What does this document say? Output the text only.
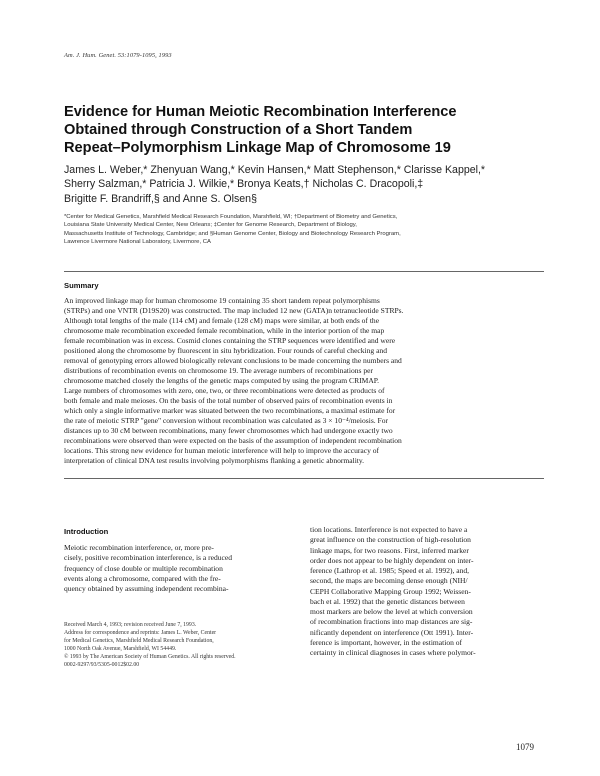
Am. J. Hum. Genet. 53:1079-1095, 1993
Evidence for Human Meiotic Recombination Interference
Obtained through Construction of a Short Tandem
Repeat–Polymorphism Linkage Map of Chromosome 19
James L. Weber,* Zhenyuan Wang,* Kevin Hansen,* Matt Stephenson,* Clarisse Kappel,*
Sherry Salzman,* Patricia J. Wilkie,* Bronya Keats,† Nicholas C. Dracopoli,‡
Brigitte F. Brandriff,§ and Anne S. Olsen§
*Center for Medical Genetics, Marshfield Medical Research Foundation, Marshfield, WI; †Department of Biometry and Genetics,
Louisiana State University Medical Center, New Orleans; ‡Center for Genome Research, Department of Biology,
Massachusetts Institute of Technology, Cambridge; and §Human Genome Center, Biology and Biotechnology Research Program,
Lawrence Livermore National Laboratory, Livermore, CA
Summary
An improved linkage map for human chromosome 19 containing 35 short tandem repeat polymorphisms
(STRPs) and one VNTR (D19S20) was constructed. The map included 12 new (GATA)n tetranucleotide STRPs.
Although total lengths of the male (114 cM) and female (128 cM) maps were similar, at both ends of the
chromosome male recombination exceeded female recombination, while in the interior portion of the map
female recombination was in excess. Cosmid clones containing the STRP sequences were identified and were
positioned along the chromosome by fluorescent in situ hybridization. Four rounds of careful checking and
removal of genotyping errors allowed biologically relevant conclusions to be made concerning the numbers and
distributions of recombination events on chromosome 19. The average numbers of recombinations per
chromosome matched closely the lengths of the genetic maps computed by using the program CRIMAP.
Large numbers of chromosomes with zero, one, two, or three recombinations were detected as products of
both female and male meioses. On the basis of the total number of observed pairs of recombination events in
which only a single informative marker was situated between the two recombinations, a maximal estimate for
the rate of meiotic STRP "gene" conversion without recombination was calculated as 3 × 10⁻⁴/meiosis. For
distances up to 30 cM between recombinations, many fewer chromosomes which had undergone exactly two
recombinations were observed than were expected on the basis of the assumption of independent recombination
locations. This strong new evidence for human meiotic interference will help to improve the accuracy of
interpretation of clinical DNA test results involving polymorphisms flanking a genetic abnormality.
Introduction
Meiotic recombination interference, or, more pre-
cisely, positive recombination interference, is a reduced
frequency of close double or multiple recombination
events along a chromosome, compared with the fre-
quency obtained by assuming independent recombina-
Received March 4, 1993; revision received June 7, 1993.
Address for correspondence and reprints: James L. Weber, Center
for Medical Genetics, Marshfield Medical Research Foundation,
1000 North Oak Avenue, Marshfield, WI 54449.
© 1993 by The American Society of Human Genetics. All rights reserved.
0002-9297/93/5305-0012$02.00
tion locations. Interference is not expected to have a
great influence on the construction of high-resolution
linkage maps, for two reasons. First, inferred marker
order does not appear to be highly dependent on inter-
ference (Lathrop et al. 1985; Speed et al. 1992), and,
second, the maps are becoming dense enough (NIH/
CEPH Collaborative Mapping Group 1992; Weissen-
bach et al. 1992) that the genetic distances between
most markers are below the level at which conversion
of recombination fractions into map distances are sig-
nificantly dependent on interference (Ott 1991). Inter-
ference is important, however, in the estimation of
certainty in clinical diagnoses in cases where polymor-
1079
